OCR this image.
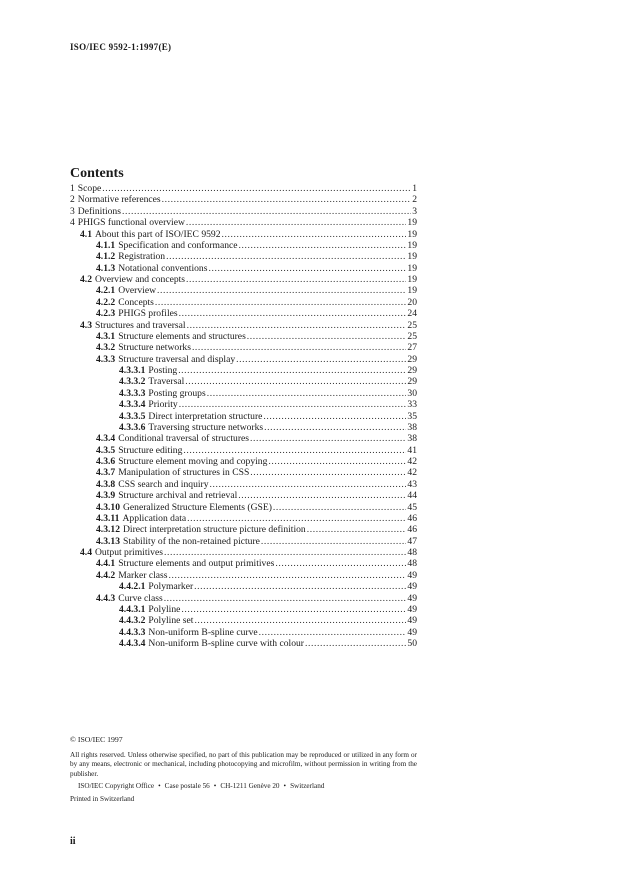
ISO/IEC 9592-1:1997(E)
Contents
1 Scope .....	1
2 Normative references .....	2
3 Definitions .....	3
4 PHIGS functional overview .....	19
4.1 About this part of ISO/IEC 9592 .....	19
4.1.1 Specification and conformance .....	19
4.1.2 Registration .....	19
4.1.3 Notational conventions .....	19
4.2 Overview and concepts .....	19
4.2.1 Overview .....	19
4.2.2 Concepts .....	20
4.2.3 PHIGS profiles .....	24
4.3 Structures and traversal .....	25
4.3.1 Structure elements and structures .....	25
4.3.2 Structure networks .....	27
4.3.3 Structure traversal and display .....	29
4.3.3.1 Posting .....	29
4.3.3.2 Traversal .....	29
4.3.3.3 Posting groups .....	30
4.3.3.4 Priority .....	33
4.3.3.5 Direct interpretation structure .....	35
4.3.3.6 Traversing structure networks .....	38
4.3.4 Conditional traversal of structures .....	38
4.3.5 Structure editing .....	41
4.3.6 Structure element moving and copying .....	42
4.3.7 Manipulation of structures in CSS .....	42
4.3.8 CSS search and inquiry .....	43
4.3.9 Structure archival and retrieval .....	44
4.3.10 Generalized Structure Elements (GSE) .....	45
4.3.11 Application data .....	46
4.3.12 Direct interpretation structure picture definition .....	46
4.3.13 Stability of the non-retained picture .....	47
4.4 Output primitives .....	48
4.4.1 Structure elements and output primitives .....	48
4.4.2 Marker class .....	49
4.4.2.1 Polymarker .....	49
4.4.3 Curve class .....	49
4.4.3.1 Polyline .....	49
4.4.3.2 Polyline set .....	49
4.4.3.3 Non-uniform B-spline curve .....	49
4.4.3.4 Non-uniform B-spline curve with colour .....	50
© ISO/IEC 1997
All rights reserved. Unless otherwise specified, no part of this publication may be reproduced or utilized in any form or by any means, electronic or mechanical, including photocopying and microfilm, without permission in writing from the publisher.
ISO/IEC Copyright Office • Case postale 56 • CH-1211 Genève 20 • Switzerland
Printed in Switzerland
ii
